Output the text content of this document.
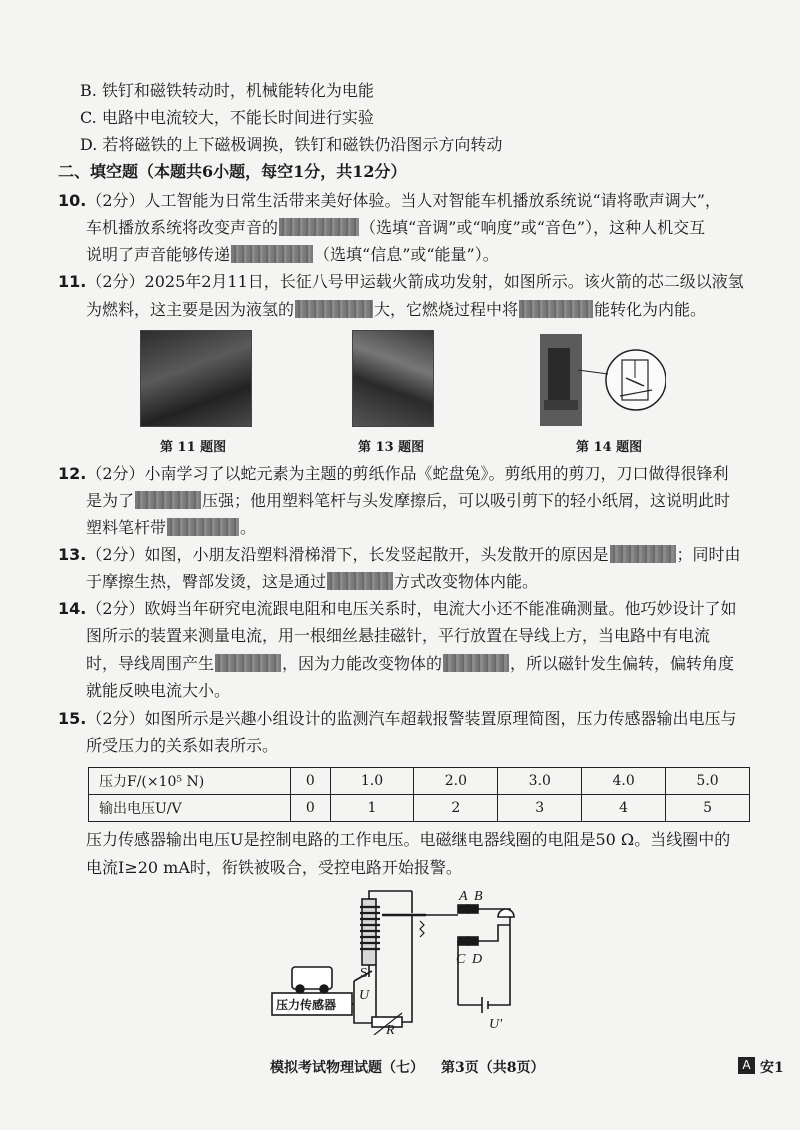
B. 铁钉和磁铁转动时，机械能转化为电能
C. 电路中电流较大，不能长时间进行实验
D. 若将磁铁的上下磁极调换，铁钉和磁铁仍沿图示方向转动
二、填空题（本题共6小题，每空1分，共12分）
10.（2分）人工智能为日常生活带来美好体验。当人对智能车机播放系统说“请将歌声调大”，
车机播放系统将改变声音的	（选填“音调”或“响度”或“音色”），这种人机交互
说明了声音能够传递	（选填“信息”或“能量”）。
11.（2分）2025年2月11日，长征八号甲运载火箭成功发射，如图所示。该火箭的芯二级以液氢
为燃料，这主要是因为液氢的	大，它燃烧过程中将	能转化为内能。
第 11 题图	第 13 题图	第 14 题图
12.（2分）小南学习了以蛇元素为主题的剪纸作品《蛇盘兔》。剪纸用的剪刀，刀口做得很锋利
是为了	压强；他用塑料笔杆与头发摩擦后，可以吸引剪下的轻小纸屑，这说明此时
塑料笔杆带	。
13.（2分）如图，小朋友沿塑料滑梯滑下，长发竖起散开，头发散开的原因是	；同时由
于摩擦生热，臀部发烫，这是通过	方式改变物体内能。
14.（2分）欧姆当年研究电流跟电阻和电压关系时，电流大小还不能准确测量。他巧妙设计了如
图所示的装置来测量电流，用一根细丝悬挂磁针，平行放置在导线上方，当电路中有电流
时，导线周围产生	，因为力能改变物体的	，所以磁针发生偏转，偏转角度
就能反映电流大小。
15.（2分）如图所示是兴趣小组设计的监测汽车超载报警装置原理简图，压力传感器输出电压与
所受压力的关系如表所示。
压力F/(×10⁵ N)	0	1.0	2.0	3.0	4.0	5.0
输出电压U/V	0	1	2	3	4	5
压力传感器输出电压U是控制电路的工作电压。电磁继电器线圈的电阻是50 Ω。当线圈中的
电流I≥20 mA时，衔铁被吸合，受控电路开始报警。
A B
C D
S
U
R	U'
压力传感器
模拟考试物理试题（七） 第3页（共8页）	A 安1
